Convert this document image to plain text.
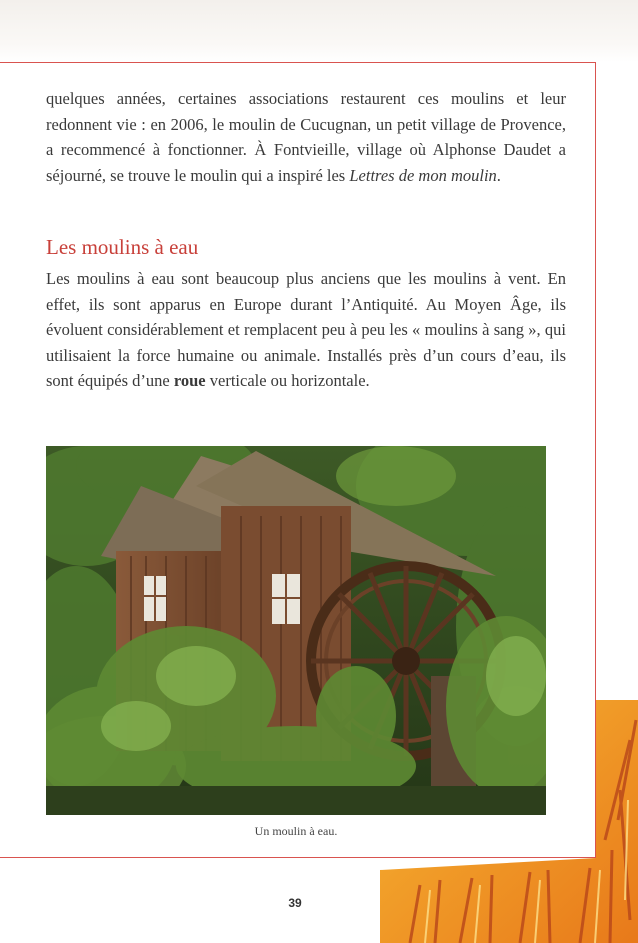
quelques années, certaines associations restaurent ces moulins et leur redonnent vie : en 2006, le moulin de Cucugnan, un petit village de Provence, a recommencé à fonctionner. À Fontvieille, village où Alphonse Daudet a séjourné, se trouve le moulin qui a inspiré les Lettres de mon moulin.

Les moulins à eau

Les moulins à eau sont beaucoup plus anciens que les moulins à vent. En effet, ils sont apparus en Europe durant l’Antiquité. Au Moyen Âge, ils évoluent considérablement et remplacent peu à peu les « moulins à sang », qui utilisaient la force humaine ou animale. Installés près d’un cours d’eau, ils sont équipés d’une roue verticale ou horizontale.

Un moulin à eau.
39
